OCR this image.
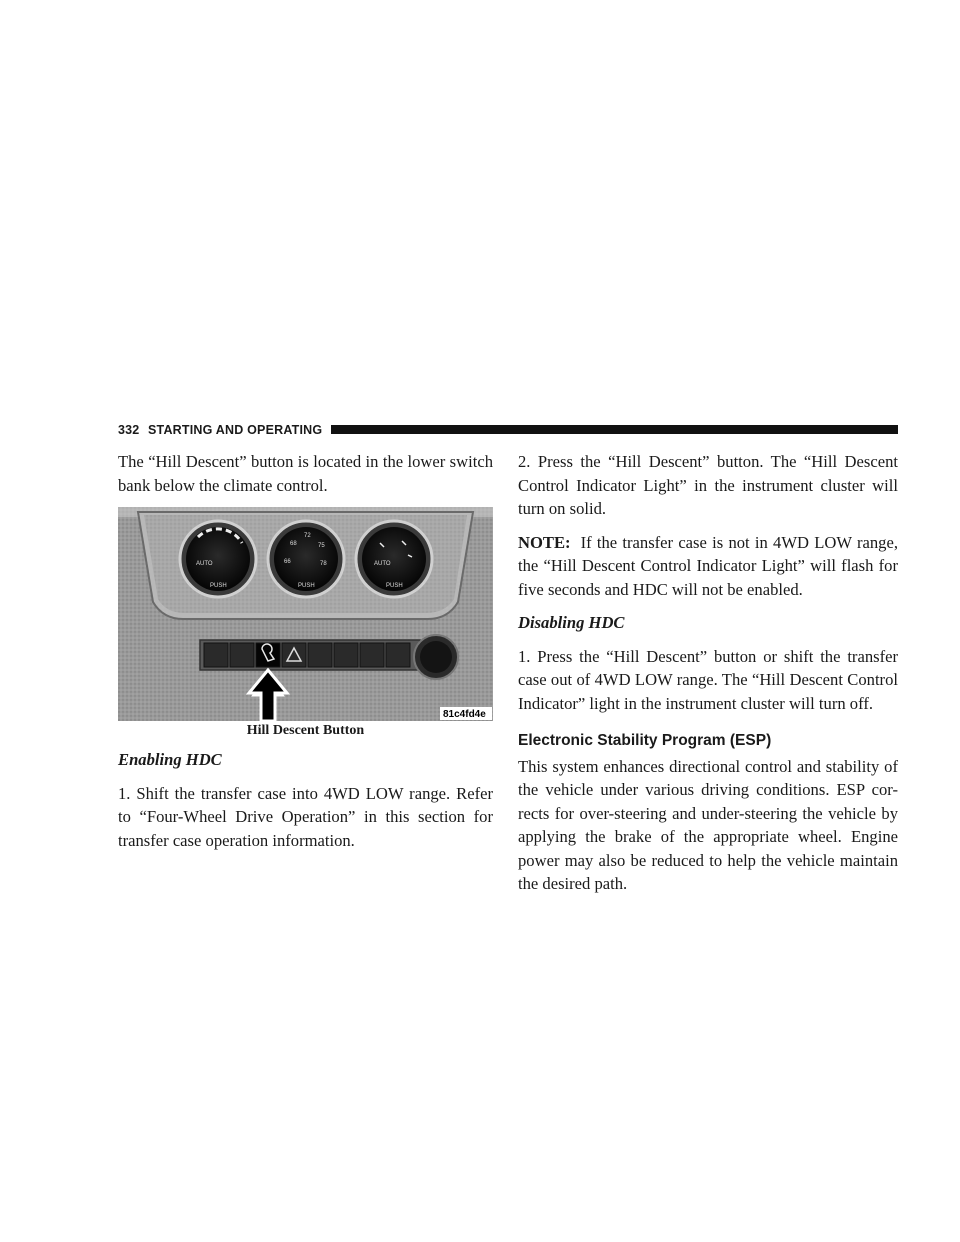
332 STARTING AND OPERATING

The “Hill Descent” button is located in the lower switch bank below the climate control.

AUTO
PUSH
68
72
66
75
78
PUSH
AUTO
PUSH
81c4fd4e
Hill Descent Button
Enabling HDC

1. Shift the transfer case into 4WD LOW range. Refer to “Four-Wheel Drive Operation” in this section for transfer case operation information.

2. Press the “Hill Descent” button. The “Hill Descent Control Indicator Light” in the instrument cluster will turn on solid.

NOTE: If the transfer case is not in 4WD LOW range, the “Hill Descent Control Indicator Light” will flash for five seconds and HDC will not be enabled.

Disabling HDC

1. Press the “Hill Descent” button or shift the transfer case out of 4WD LOW range. The “Hill Descent Control Indicator” light in the instrument cluster will turn off.

Electronic Stability Program (ESP)

This system enhances directional control and stability of the vehicle under various driving conditions. ESP cor-rects for over-steering and under-steering the vehicle by applying the brake of the appropriate wheel. Engine power may also be reduced to help the vehicle maintain the desired path.
